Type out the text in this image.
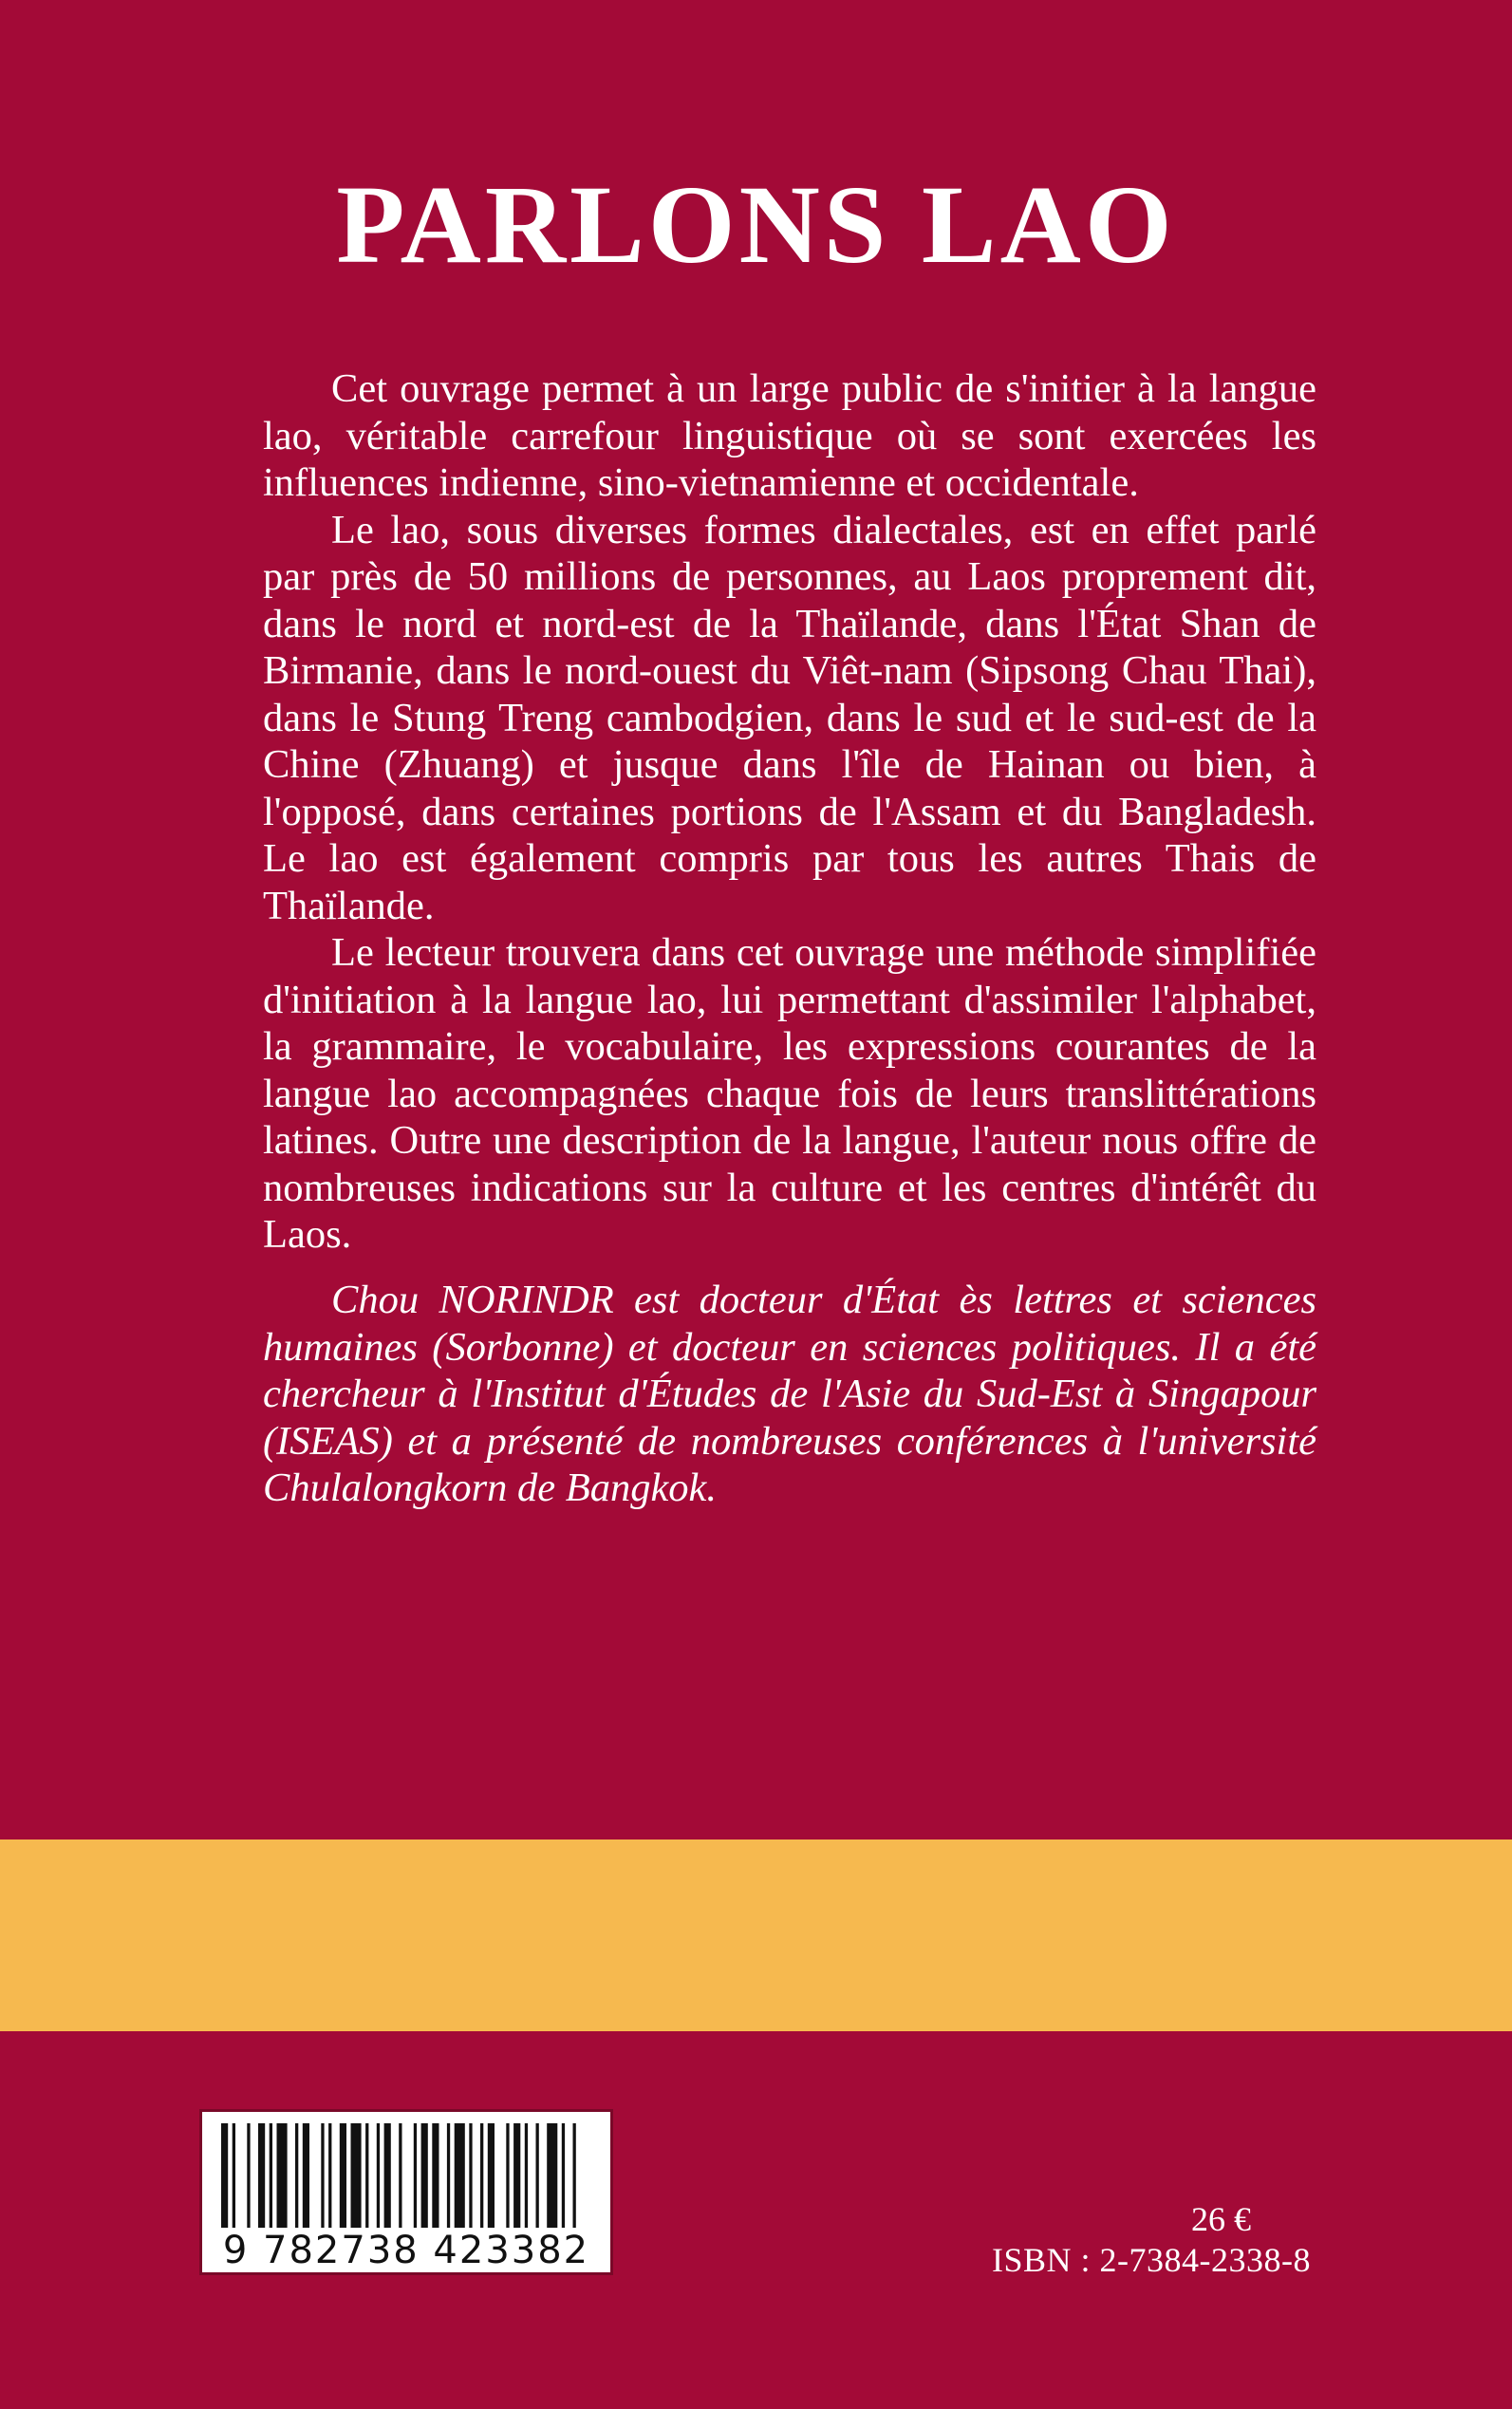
PARLONS LAO

Cet ouvrage permet à un large public de s'initier à la langue lao, véritable carrefour linguistique où se sont exercées les influences indienne, sino-vietnamienne et occidentale.

Le lao, sous diverses formes dialectales, est en effet parlé par près de 50 millions de personnes, au Laos proprement dit, dans le nord et nord-est de la Thaïlande, dans l'État Shan de Birmanie, dans le nord-ouest du Viêt-nam (Sipsong Chau Thai), dans le Stung Treng cambodgien, dans le sud et le sud-est de la Chine (Zhuang) et jusque dans l'île de Hainan ou bien, à l'opposé, dans certaines portions de l'Assam et du Bangladesh. Le lao est également compris par tous les autres Thais de Thaïlande.

Le lecteur trouvera dans cet ouvrage une méthode simplifiée d'initiation à la langue lao, lui permettant d'assimiler l'alphabet, la grammaire, le vocabulaire, les expressions courantes de la langue lao accompagnées chaque fois de leurs translittérations latines. Outre une description de la langue, l'auteur nous offre de nombreuses indications sur la culture et les centres d'intérêt du Laos.

Chou NORINDR est docteur d'État ès lettres et sciences humaines (Sorbonne) et docteur en sciences politiques. Il a été chercheur à l'Institut d'Études de l'Asie du Sud-Est à Singapour (ISEAS) et a présenté de nombreuses conférences à l'université Chulalongkorn de Bangkok.

9 782738 423382
26 €
ISBN : 2-7384-2338-8
